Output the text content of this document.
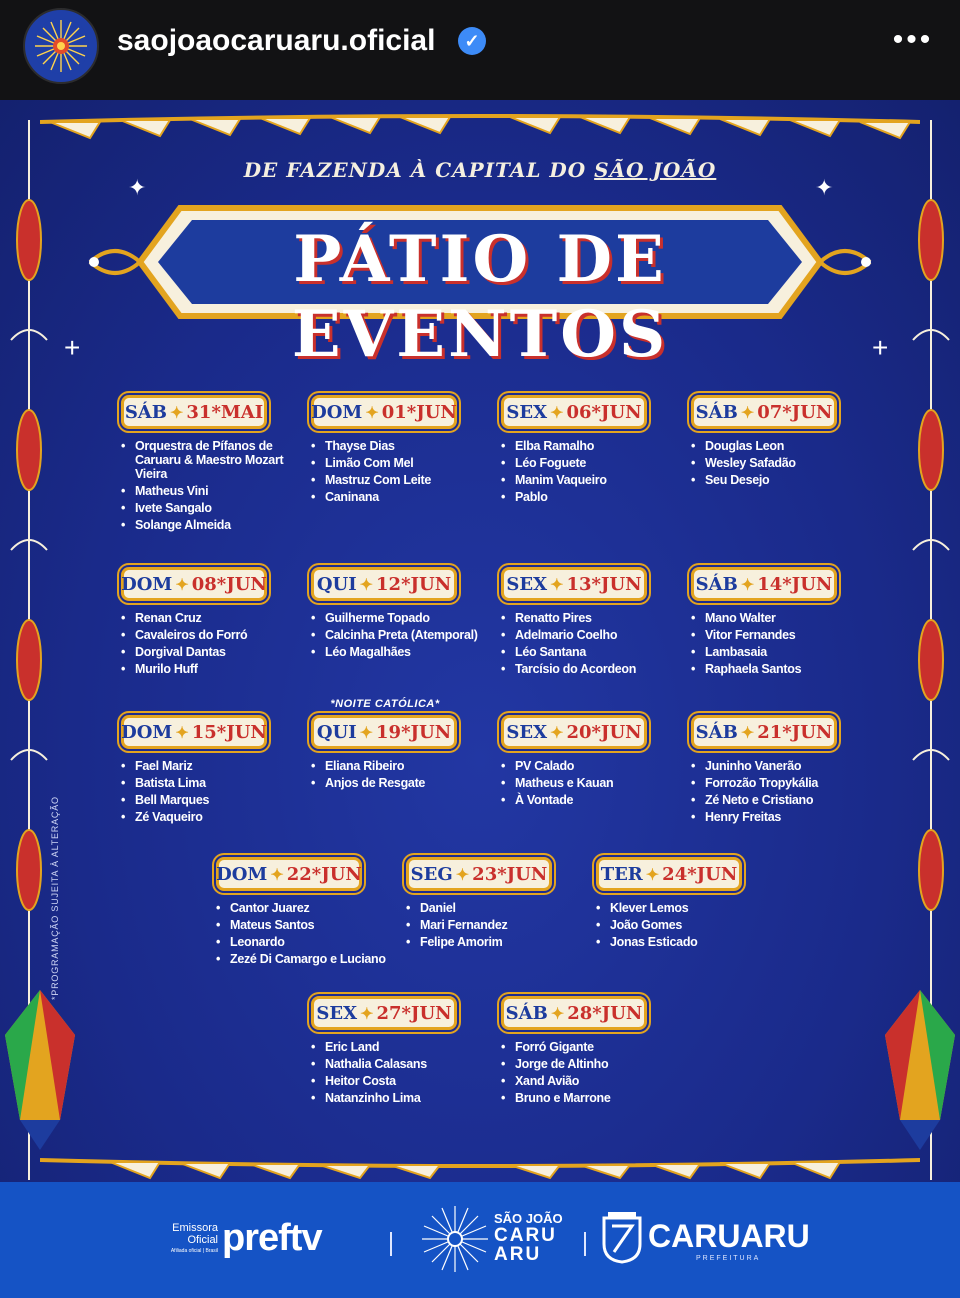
saojoaocaruaru.oficial	✓	•••
✦	✦
+	+
DE FAZENDA À CAPITAL DO SÃO JOÃO
PÁTIO DE EVENTOS
*NOITE CATÓLICA*
SÁB ✦ 31*MAI
• Orquestra de Pífanos de Caruaru & Maestro Mozart Vieira
• Matheus Vini
• Ivete Sangalo
• Solange Almeida
DOM ✦ 01*JUN
• Thayse Dias
• Limão Com Mel
• Mastruz Com Leite
• Caninana
SEX ✦ 06*JUN
• Elba Ramalho
• Léo Foguete
• Manim Vaqueiro
• Pablo
SÁB ✦ 07*JUN
• Douglas Leon
• Wesley Safadão
• Seu Desejo
DOM ✦ 08*JUN
• Renan Cruz
• Cavaleiros do Forró
• Dorgival Dantas
• Murilo Huff
QUI ✦ 12*JUN
• Guilherme Topado
• Calcinha Preta (Atemporal)
• Léo Magalhães
SEX ✦ 13*JUN
• Renatto Pires
• Adelmario Coelho
• Léo Santana
• Tarcísio do Acordeon
SÁB ✦ 14*JUN
• Mano Walter
• Vitor Fernandes
• Lambasaia
• Raphaela Santos
DOM ✦ 15*JUN
• Fael Mariz
• Batista Lima
• Bell Marques
• Zé Vaqueiro
QUI ✦ 19*JUN
• Eliana Ribeiro
• Anjos de Resgate
SEX ✦ 20*JUN
• PV Calado
• Matheus e Kauan
• À Vontade
SÁB ✦ 21*JUN
• Juninho Vanerão
• Forrozão Tropykália
• Zé Neto e Cristiano
• Henry Freitas
DOM ✦ 22*JUN
• Cantor Juarez
• Mateus Santos
• Leonardo
• Zezé Di Camargo e Luciano
SEG ✦ 23*JUN
• Daniel
• Mari Fernandez
• Felipe Amorim
TER ✦ 24*JUN
• Klever Lemos
• João Gomes
• Jonas Esticado
SEX ✦ 27*JUN
• Eric Land
• Nathalia Calasans
• Heitor Costa
• Natanzinho Lima
SÁB ✦ 28*JUN
• Forró Gigante
• Jorge de Altinho
• Xand Avião
• Bruno e Marrone
*PROGRAMAÇÃO SUJEITA À ALTERAÇÃO
Emissora Oficial
Afiliada oficial | Brasil preftv	SÃO JOÃO
CARU
ARU
CARUARU
PREFEITURA
